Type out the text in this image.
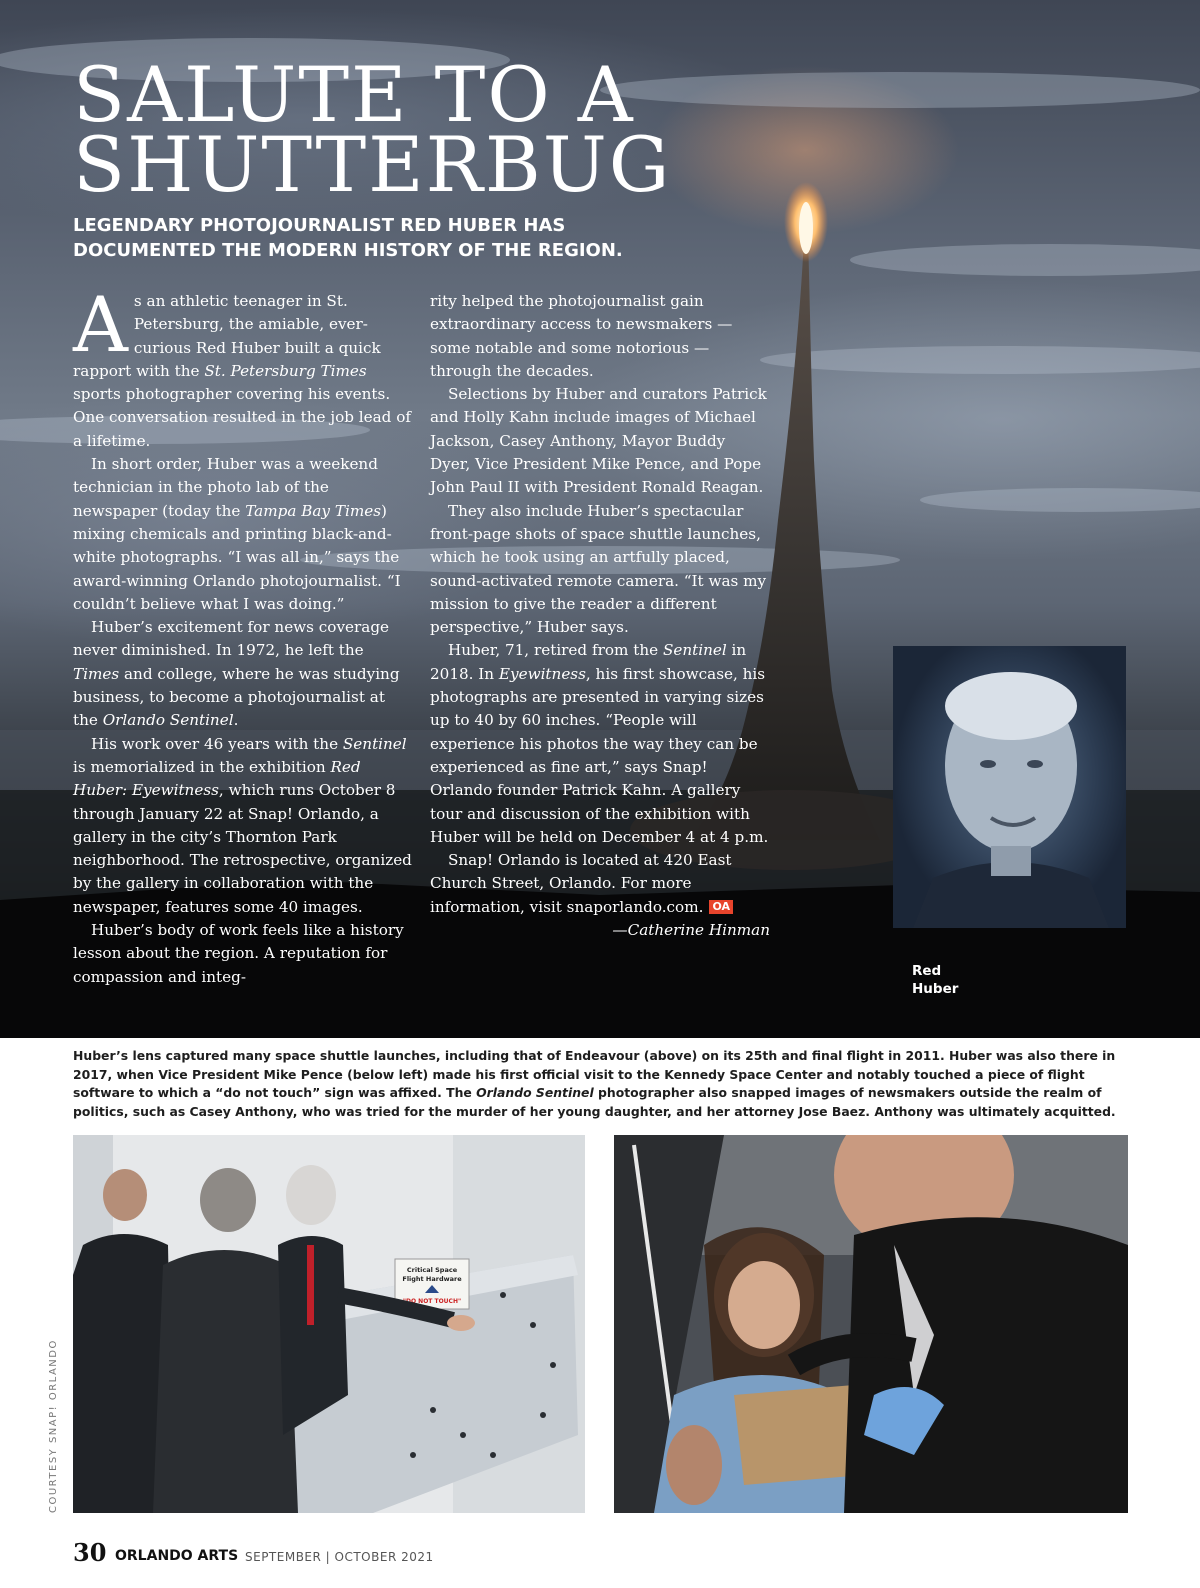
SALUTE TO A
SHUTTERBUG

LEGENDARY PHOTOJOURNALIST RED HUBER HAS DOCUMENTED THE MODERN HISTORY OF THE REGION.

As an athletic teenager in St. Petersburg, the amiable, ever-curious Red Huber built a quick rapport with the St. Petersburg Times sports photographer covering his events. One conversation resulted in the job lead of a lifetime.

In short order, Huber was a weekend technician in the photo lab of the newspaper (today the Tampa Bay Times) mixing chemicals and printing black-and-white photographs. “I was all in,” says the award-winning Orlando photojournalist. “I couldn’t believe what I was doing.”

Huber’s excitement for news coverage never diminished. In 1972, he left the Times and college, where he was studying business, to become a photojournalist at the Orlando Sentinel.

His work over 46 years with the Sentinel is memorialized in the exhibition Red Huber: Eyewitness, which runs October 8 through January 22 at Snap! Orlando, a gallery in the city’s Thornton Park neighborhood. The retrospective, organized by the gallery in collaboration with the newspaper, features some 40 images.

Huber’s body of work feels like a history lesson about the region. A reputation for compassion and integ-

rity helped the photojournalist gain extraordinary access to newsmakers — some notable and some notorious — through the decades.

Selections by Huber and curators Patrick and Holly Kahn include images of Michael Jackson, Casey Anthony, Mayor Buddy Dyer, Vice President Mike Pence, and Pope John Paul II with President Ronald Reagan.

They also include Huber’s spectacular front-page shots of space shuttle launches, which he took using an artfully placed, sound-activated remote camera. “It was my mission to give the reader a different perspective,” Huber says.

Huber, 71, retired from the Sentinel in 2018. In Eyewitness, his first showcase, his photographs are presented in varying sizes up to 40 by 60 inches. “People will experience his photos the way they can be experienced as fine art,” says Snap! Orlando founder Patrick Kahn. A gallery tour and discussion of the exhibition with Huber will be held on December 4 at 4 p.m.

Snap! Orlando is located at 420 East Church Street, Orlando. For more information, visit snaporlando.com. OA

—Catherine Hinman

Red
Huber

Huber’s lens captured many space shuttle launches, including that of Endeavour (above) on its 25th and final flight in 2011. Huber was also there in 2017, when Vice President Mike Pence (below left) made his first official visit to the Kennedy Space Center and notably touched a piece of flight software to which a “do not touch” sign was affixed. The Orlando Sentinel photographer also snapped images of newsmakers outside the realm of politics, such as Casey Anthony, who was tried for the murder of her young daughter, and her attorney Jose Baez. Anthony was ultimately acquitted.

Critical Space
Flight Hardware
"DO NOT TOUCH"

COURTESY SNAP! ORLANDO

30 ORLANDO ARTS SEPTEMBER | OCTOBER 2021
